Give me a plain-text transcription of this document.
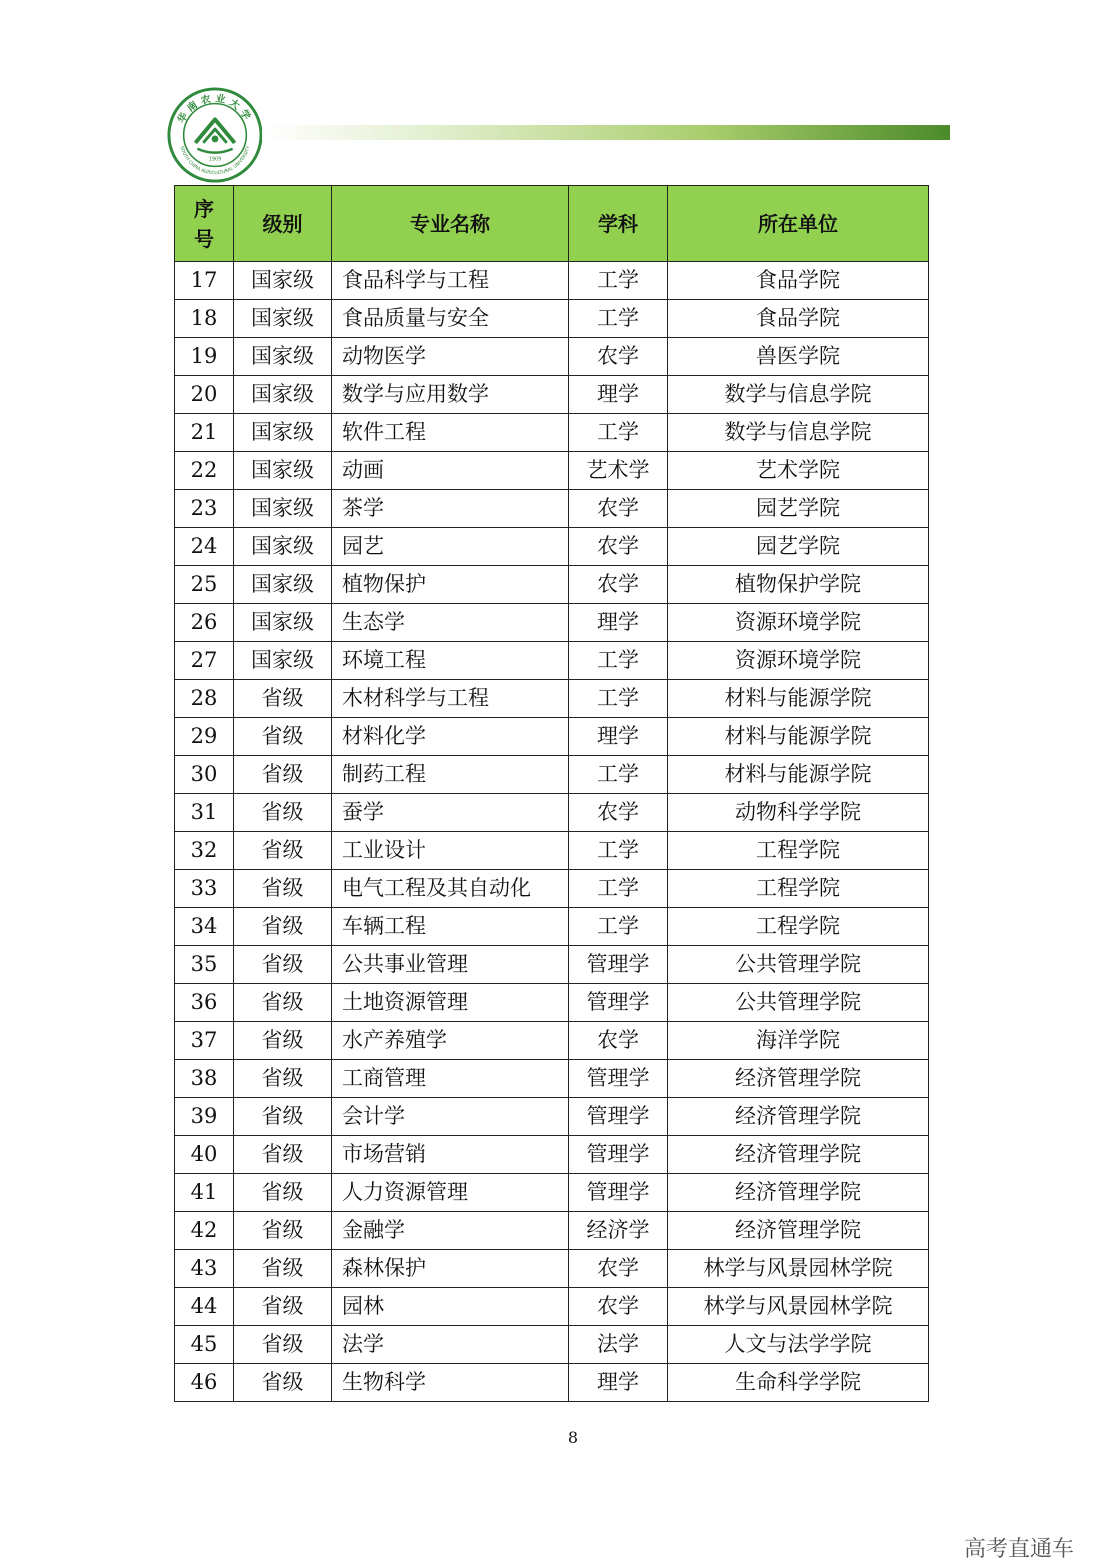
华南农业大学
SOUTH CHINA AGRICULTURAL UNIVERSITY
1909
序
号	级别	专业名称	学科	所在单位
17	国家级	食品科学与工程	工学	食品学院
18	国家级	食品质量与安全	工学	食品学院
19	国家级	动物医学	农学	兽医学院
20	国家级	数学与应用数学	理学	数学与信息学院
21	国家级	软件工程	工学	数学与信息学院
22	国家级	动画	艺术学	艺术学院
23	国家级	茶学	农学	园艺学院
24	国家级	园艺	农学	园艺学院
25	国家级	植物保护	农学	植物保护学院
26	国家级	生态学	理学	资源环境学院
27	国家级	环境工程	工学	资源环境学院
28	省级	木材科学与工程	工学	材料与能源学院
29	省级	材料化学	理学	材料与能源学院
30	省级	制药工程	工学	材料与能源学院
31	省级	蚕学	农学	动物科学学院
32	省级	工业设计	工学	工程学院
33	省级	电气工程及其自动化	工学	工程学院
34	省级	车辆工程	工学	工程学院
35	省级	公共事业管理	管理学	公共管理学院
36	省级	土地资源管理	管理学	公共管理学院
37	省级	水产养殖学	农学	海洋学院
38	省级	工商管理	管理学	经济管理学院
39	省级	会计学	管理学	经济管理学院
40	省级	市场营销	管理学	经济管理学院
41	省级	人力资源管理	管理学	经济管理学院
42	省级	金融学	经济学	经济管理学院
43	省级	森林保护	农学	林学与风景园林学院
44	省级	园林	农学	林学与风景园林学院
45	省级	法学	法学	人文与法学学院
46	省级	生物科学	理学	生命科学学院
8
高考直通车
